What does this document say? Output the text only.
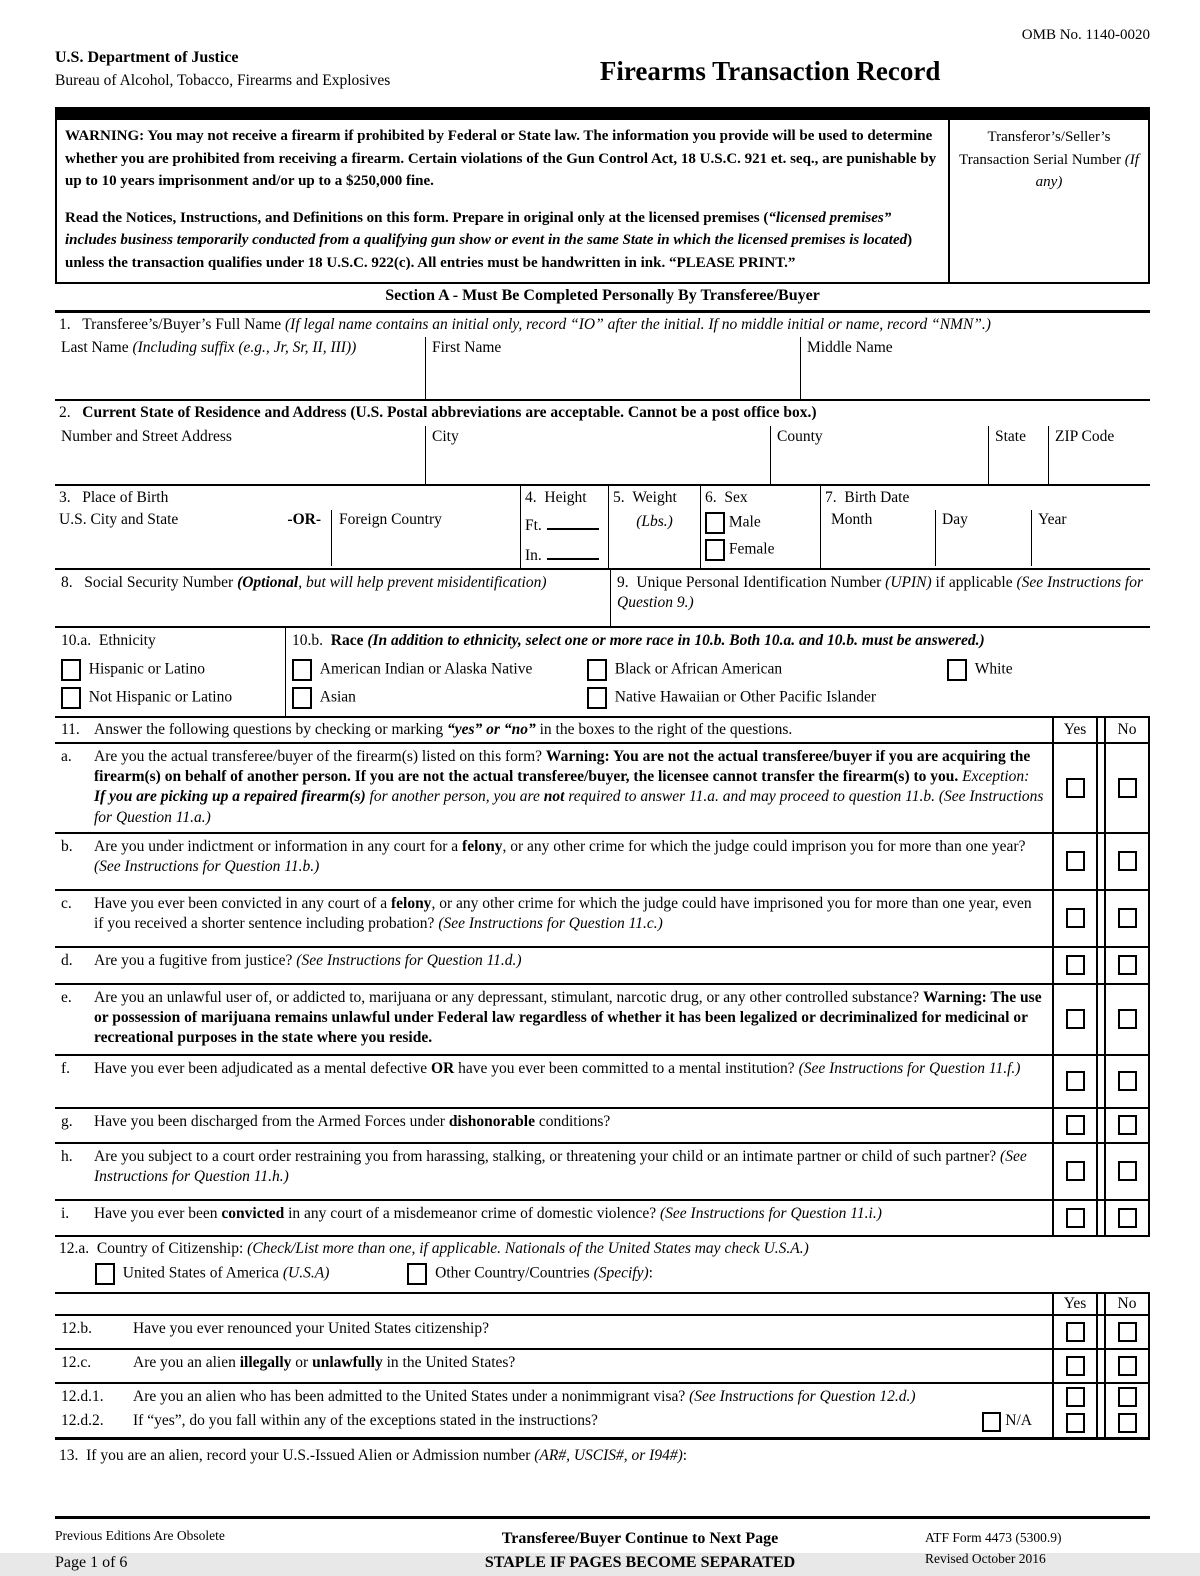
OMB No. 1140-0020
U.S. Department of Justice
Bureau of Alcohol, Tobacco, Firearms and Explosives	Firearms Transaction Record

WARNING: You may not receive a firearm if prohibited by Federal or State law. The information you provide will be used to determine whether you are prohibited from receiving a firearm. Certain violations of the Gun Control Act, 18 U.S.C. 921 et. seq., are punishable by up to 10 years imprisonment and/or up to a $250,000 fine.

Read the Notices, Instructions, and Definitions on this form. Prepare in original only at the licensed premises (“licensed premises” includes business temporarily conducted from a qualifying gun show or event in the same State in which the licensed premises is located) unless the transaction qualifies under 18 U.S.C. 922(c). All entries must be handwritten in ink. “PLEASE PRINT.”

Transferor’s/Seller’s Transaction Serial Number (If any)
Section A - Must Be Completed Personally By Transferee/Buyer
1. Transferee’s/Buyer’s Full Name (If legal name contains an initial only, record “IO” after the initial. If no middle initial or name, record “NMN”.)
Last Name (Including suffix (e.g., Jr, Sr, II, III))	First Name	Middle Name
2. Current State of Residence and Address (U.S. Postal abbreviations are acceptable. Cannot be a post office box.)
Number and Street Address	City	County	State	ZIP Code
3. Place of Birth
U.S. City and State	-OR-	Foreign Country
4. Height
Ft.
In.
5. Weight
(Lbs.)
6. Sex
Male
Female
7. Birth Date
Month	Day	Year
8. Social Security Number (Optional, but will help prevent misidentification)	9. Unique Personal Identification Number (UPIN) if applicable (See Instructions for Question 9.)
10.a. Ethnicity
Hispanic or Latino
Not Hispanic or Latino
10.b. Race (In addition to ethnicity, select one or more race in 10.b. Both 10.a. and 10.b. must be answered.)
American Indian or Alaska Native	Black or African American	White
Asian	Native Hawaiian or Other Pacific Islander
11. Answer the following questions by checking or marking “yes” or “no” in the boxes to the right of the questions.	Yes	No
a.	Are you the actual transferee/buyer of the firearm(s) listed on this form? Warning: You are not the actual transferee/buyer if you are acquiring the firearm(s) on behalf of another person. If you are not the actual transferee/buyer, the licensee cannot transfer the firearm(s) to you. Exception: If you are picking up a repaired firearm(s) for another person, you are not required to answer 11.a. and may proceed to question 11.b. (See Instructions for Question 11.a.)
b.	Are you under indictment or information in any court for a felony, or any other crime for which the judge could imprison you for more than one year? (See Instructions for Question 11.b.)
c.	Have you ever been convicted in any court of a felony, or any other crime for which the judge could have imprisoned you for more than one year, even if you received a shorter sentence including probation? (See Instructions for Question 11.c.)
d.	Are you a fugitive from justice? (See Instructions for Question 11.d.)
e.	Are you an unlawful user of, or addicted to, marijuana or any depressant, stimulant, narcotic drug, or any other controlled substance? Warning: The use or possession of marijuana remains unlawful under Federal law regardless of whether it has been legalized or decriminalized for medicinal or recreational purposes in the state where you reside.
f.	Have you ever been adjudicated as a mental defective OR have you ever been committed to a mental institution? (See Instructions for Question 11.f.)
g.	Have you been discharged from the Armed Forces under dishonorable conditions?
h.	Are you subject to a court order restraining you from harassing, stalking, or threatening your child or an intimate partner or child of such partner? (See Instructions for Question 11.h.)
i.	Have you ever been convicted in any court of a misdemeanor crime of domestic violence? (See Instructions for Question 11.i.)
12.a. Country of Citizenship: (Check/List more than one, if applicable. Nationals of the United States may check U.S.A.)
United States of America (U.S.A)	Other Country/Countries (Specify):
Yes	No
12.b.	Have you ever renounced your United States citizenship?
12.c.	Are you an alien illegally or unlawfully in the United States?
12.d.1.	Are you an alien who has been admitted to the United States under a nonimmigrant visa? (See Instructions for Question 12.d.)
12.d.2.	If “yes”, do you fall within any of the exceptions stated in the instructions?	N/A
13. If you are an alien, record your U.S.-Issued Alien or Admission number (AR#, USCIS#, or I94#):
Previous Editions Are Obsolete
Page 1 of 6
Transferee/Buyer Continue to Next Page
STAPLE IF PAGES BECOME SEPARATED
ATF Form 4473 (5300.9)
Revised October 2016
